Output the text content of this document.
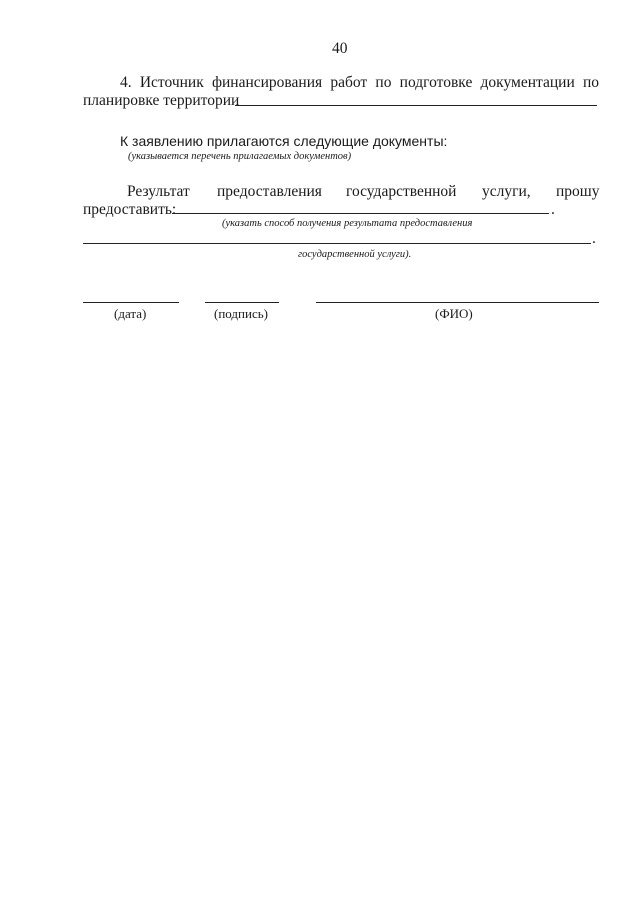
40
4. Источник финансирования работ по подготовке документации по
планировке территории
К заявлению прилагаются следующие документы:
(указывается перечень прилагаемых документов)
Результат предоставления государственной услуги, прошу
предоставить:	.
(указать способ получения результата предоставления
.
государственной услуги).
(дата)	(подпись)	(ФИО)
